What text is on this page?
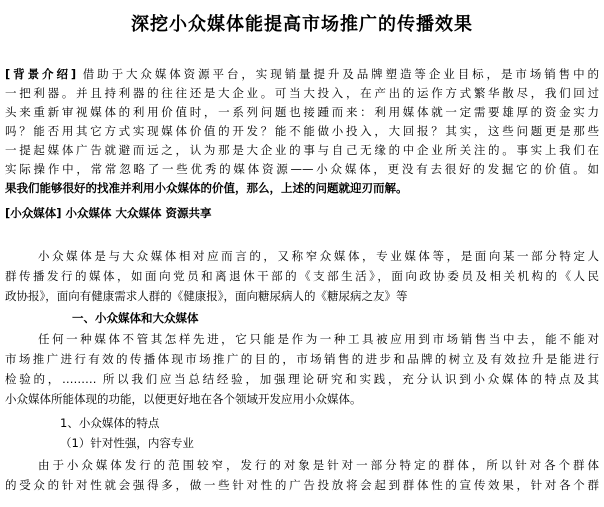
深挖小众媒体能提高市场推广的传播效果
[背景介绍] 借助于大众媒体资源平台，实现销量提升及品牌塑造等企业目标，是市场销售中的
一把利器。并且持利器的往往还是大企业。可当大投入，在产出的运作方式繁华散尽，我们回过
头来重新审视媒体的利用价值时，一系列问题也接踵而来：利用媒体就一定需要雄厚的资金实力
吗？能否用其它方式实现媒体价值的开发？能不能做小投入，大回报？其实，这些问题更是那些
一提起媒体广告就避而远之，认为那是大企业的事与自己无缘的中企业所关注的。事实上我们在
实际操作中，常常忽略了一些优秀的媒体资源——小众媒体，更没有去很好的发掘它的价值。如
果我们能够很好的找准并利用小众媒体的价值，那么，上述的问题就迎刃而解。
[小众媒体] 小众媒体 大众媒体 资源共享
小众媒体是与大众媒体相对应而言的，又称窄众媒体，专业媒体等，是面向某一部分特定人
群传播发行的媒体，如面向党员和离退休干部的《支部生活》，面向政协委员及相关机构的《人民
政协报》，面向有健康需求人群的《健康报》，面向糖尿病人的《糖尿病之友》等
一、小众媒体和大众媒体
任何一种媒体不管其怎样先进，它只能是作为一种工具被应用到市场销售当中去，能不能对
市场推广进行有效的传播体现市场推广的目的，市场销售的进步和品牌的树立及有效拉升是能进行
检验的，……… 所以我们应当总结经验，加强理论研究和实践，充分认识到小众媒体的特点及其
小众媒体所能体现的功能，以便更好地在各个领域开发应用小众媒体。
1、小众媒体的特点
（1）针对性强，内容专业
由于小众媒体发行的范围较窄，发行的对象是针对一部分特定的群体，所以针对各个群体
的受众的针对性就会强得多，做一些针对性的广告投放将会起到群体性的宣传效果，针对各个群
